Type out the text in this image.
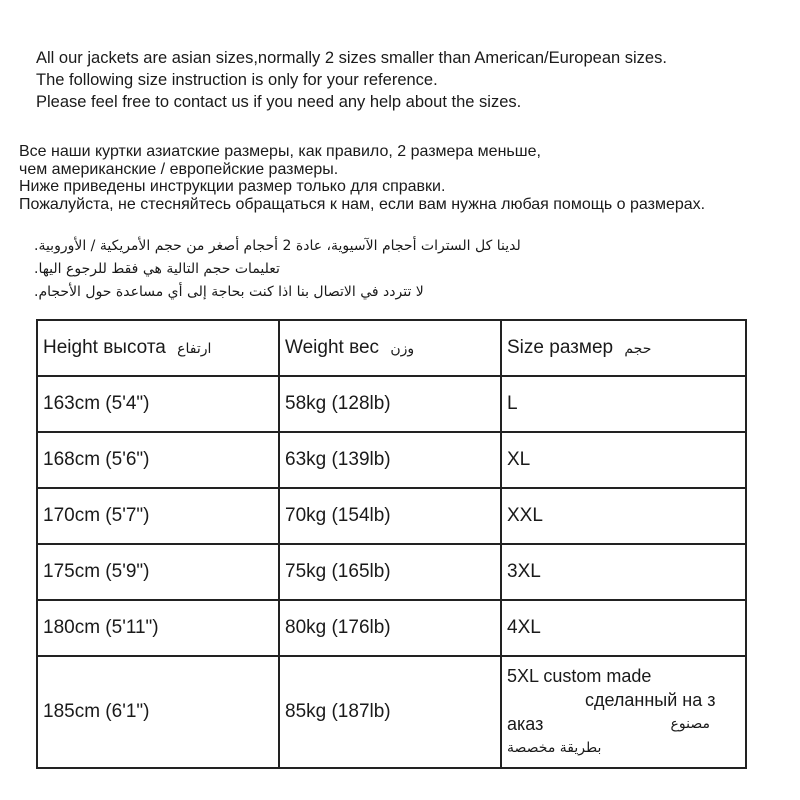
All our jackets are asian sizes,normally 2 sizes smaller than American/European sizes.
The following size instruction is only for your reference.
Please feel free to contact us if you need any help about the sizes.
Все наши куртки азиатские размеры, как правило, 2 размера меньше,
чем американские / европейские размеры.
Ниже приведены инструкции размер только для справки.
Пожалуйста, не стесняйтесь обращаться к нам, если вам нужна любая помощь о размерах.
لدينا كل السترات أحجام الآسيوية، عادة 2 أحجام أصغر من حجم الأمريكية / الأوروبية.
تعليمات حجم التالية هي فقط للرجوع اليها.
لا تتردد في الاتصال بنا اذا كنت بحاجة إلى أي مساعدة حول الأحجام.
Height высота ارتفاع	Weight вес وزن	Size размер حجم
163cm (5'4")	58kg (128lb)	L
168cm (5'6")	63kg (139lb)	XL
170cm (5'7")	70kg (154lb)	XXL
175cm (5'9")	75kg (165lb)	3XL
180cm (5'11")	80kg (176lb)	4XL
185cm (6'1")	85kg (187lb)	5XL custom made
сделанный на з
аказ مصنوع
بطريقة مخصصة
